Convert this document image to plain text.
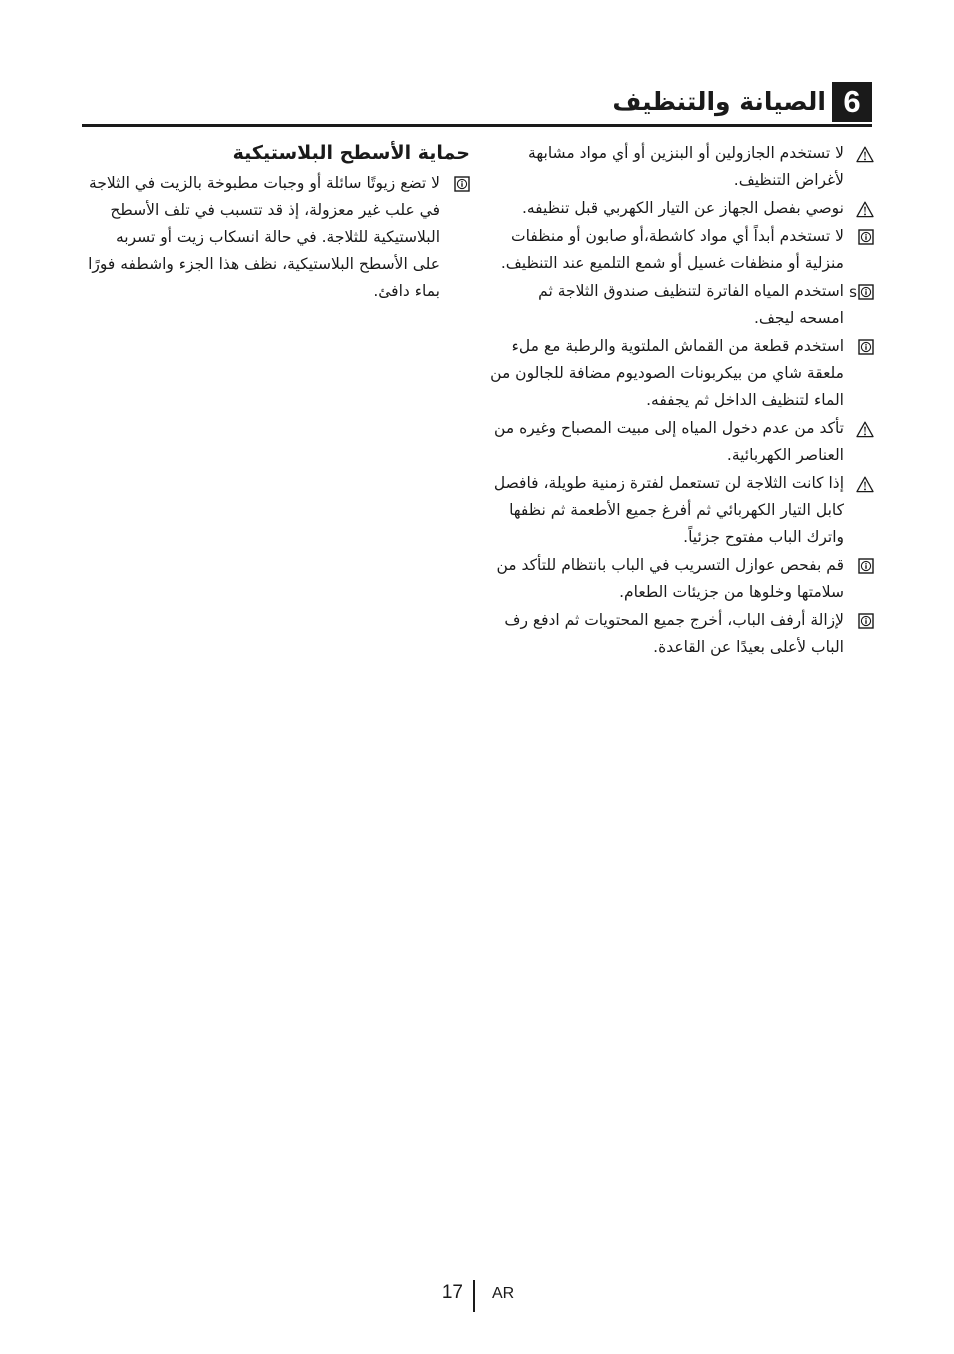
6
الصيانة والتنظيف
لا تستخدم الجازولين أو البنزين أو أي مواد مشابهة لأغراض التنظيف.
نوصي بفصل الجهاز عن التيار الكهربي قبل تنظيفه.
لا تستخدم أبداً أي مواد كاشطة،أو صابون أو منظفات منزلية أو منظفات غسيل أو شمع التلميع عند التنظيف.
s
استخدم المياه الفاترة لتنظيف صندوق الثلاجة ثم امسحه ليجف.
استخدم قطعة من القماش الملتوية والرطبة مع ملء ملعقة شاي من بيكربونات الصوديوم مضافة للجالون من الماء لتنظيف الداخل ثم يجففه.
تأكد من عدم دخول المياه إلى مبيت المصباح وغيره من العناصر الكهربائية.
إذا كانت الثلاجة لن تستعمل لفترة زمنية طويلة، فافصل كابل التيار الكهربائي ثم أفرغ جميع الأطعمة ثم نظفها واترك الباب مفتوح جزئياً.
قم بفحص عوازل التسريب في الباب بانتظام للتأكد من سلامتها وخلوها من جزيئات الطعام.
لإزالة أرفف الباب، أخرج جميع المحتويات ثم ادفع رف الباب لأعلى بعيدًا عن القاعدة.
حماية الأسطح البلاستيكية
لا تضع زيوتًا سائلة أو وجبات مطبوخة بالزيت في الثلاجة في علب غير معزولة، إذ قد تتسبب في تلف الأسطح البلاستيكية للثلاجة. في حالة انسكاب زيت أو تسربه على الأسطح البلاستيكية، نظف هذا الجزء واشطفه فورًا بماء دافئ.
17 AR
